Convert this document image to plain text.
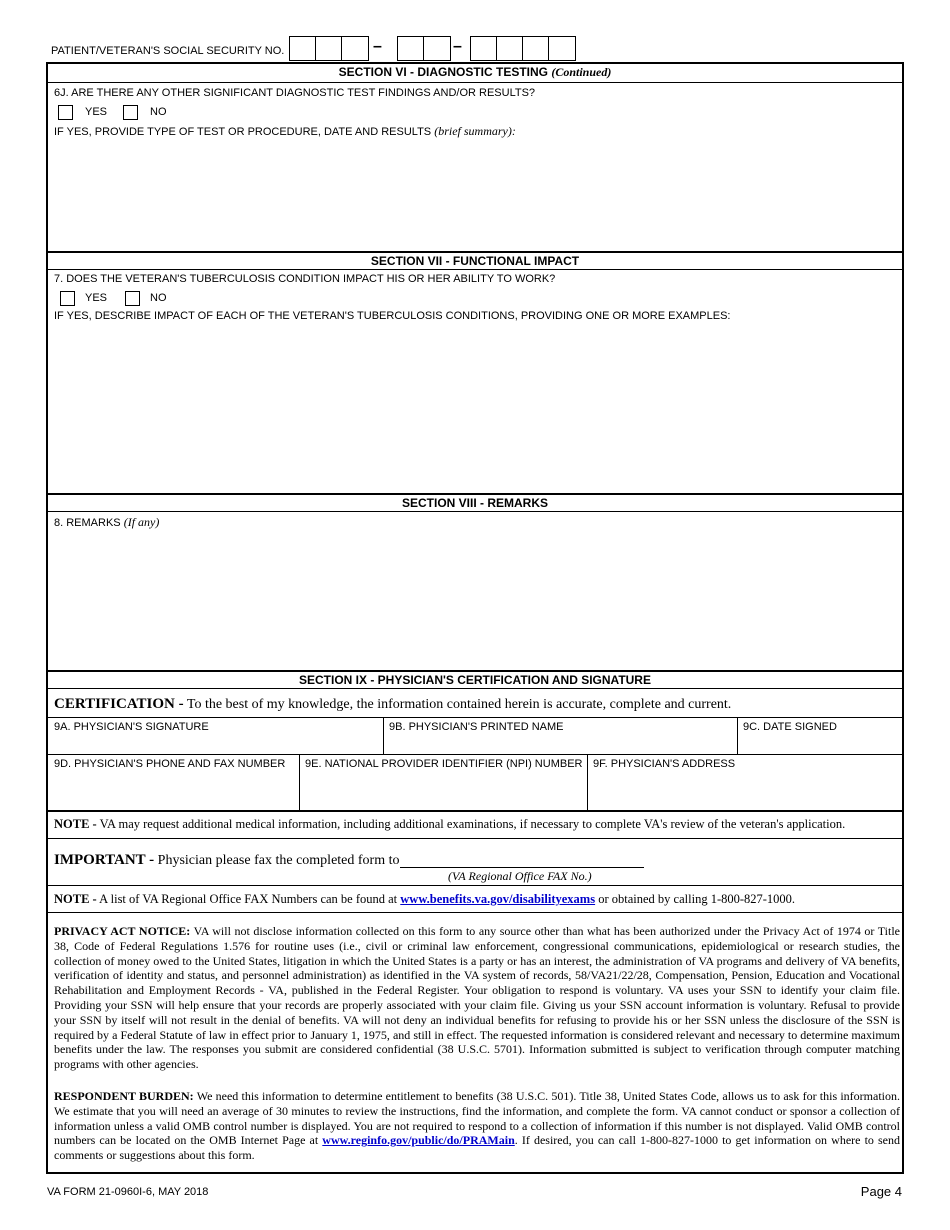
PATIENT/VETERAN'S SOCIAL SECURITY NO.	–	–
SECTION VI - DIAGNOSTIC TESTING (Continued)
6J. ARE THERE ANY OTHER SIGNIFICANT DIAGNOSTIC TEST FINDINGS AND/OR RESULTS?
YES	NO
IF YES, PROVIDE TYPE OF TEST OR PROCEDURE, DATE AND RESULTS (brief summary):
SECTION VII - FUNCTIONAL IMPACT
7. DOES THE VETERAN'S TUBERCULOSIS CONDITION IMPACT HIS OR HER ABILITY TO WORK?
YES	NO
IF YES, DESCRIBE IMPACT OF EACH OF THE VETERAN'S TUBERCULOSIS CONDITIONS, PROVIDING ONE OR MORE EXAMPLES:
SECTION VIII - REMARKS
8. REMARKS (If any)
SECTION IX - PHYSICIAN'S CERTIFICATION AND SIGNATURE
CERTIFICATION - To the best of my knowledge, the information contained herein is accurate, complete and current.
9A. PHYSICIAN'S SIGNATURE	9B. PHYSICIAN'S PRINTED NAME	9C. DATE SIGNED
9D. PHYSICIAN'S PHONE AND FAX NUMBER 9E. NATIONAL PROVIDER IDENTIFIER (NPI) NUMBER 9F. PHYSICIAN'S ADDRESS
NOTE - VA may request additional medical information, including additional examinations, if necessary to complete VA's review of the veteran's application.
IMPORTANT - Physician please fax the completed form to
(VA Regional Office FAX No.)
NOTE - A list of VA Regional Office FAX Numbers can be found at www.benefits.va.gov/disabilityexams or obtained by calling 1-800-827-1000.
PRIVACY ACT NOTICE: VA will not disclose information collected on this form to any source other than what has been authorized under the Privacy Act of 1974 or Title 38, Code of Federal Regulations 1.576 for routine uses (i.e., civil or criminal law enforcement, congressional communications, epidemiological or research studies, the collection of money owed to the United States, litigation in which the United States is a party or has an interest, the administration of VA programs and delivery of VA benefits, verification of identity and status, and personnel administration) as identified in the VA system of records, 58/VA21/22/28, Compensation, Pension, Education and Vocational Rehabilitation and Employment Records - VA, published in the Federal Register. Your obligation to respond is voluntary. VA uses your SSN to identify your claim file. Providing your SSN will help ensure that your records are properly associated with your claim file. Giving us your SSN account information is voluntary. Refusal to provide your SSN by itself will not result in the denial of benefits. VA will not deny an individual benefits for refusing to provide his or her SSN unless the disclosure of the SSN is required by a Federal Statute of law in effect prior to January 1, 1975, and still in effect. The requested information is considered relevant and necessary to determine maximum benefits under the law. The responses you submit are considered confidential (38 U.S.C. 5701). Information submitted is subject to verification through computer matching programs with other agencies.
RESPONDENT BURDEN: We need this information to determine entitlement to benefits (38 U.S.C. 501). Title 38, United States Code, allows us to ask for this information. We estimate that you will need an average of 30 minutes to review the instructions, find the information, and complete the form. VA cannot conduct or sponsor a collection of information unless a valid OMB control number is displayed. You are not required to respond to a collection of information if this number is not displayed. Valid OMB control numbers can be located on the OMB Internet Page at www.reginfo.gov/public/do/PRAMain. If desired, you can call 1-800-827-1000 to get information on where to send comments or suggestions about this form.
VA FORM 21-0960I-6, MAY 2018	Page 4
